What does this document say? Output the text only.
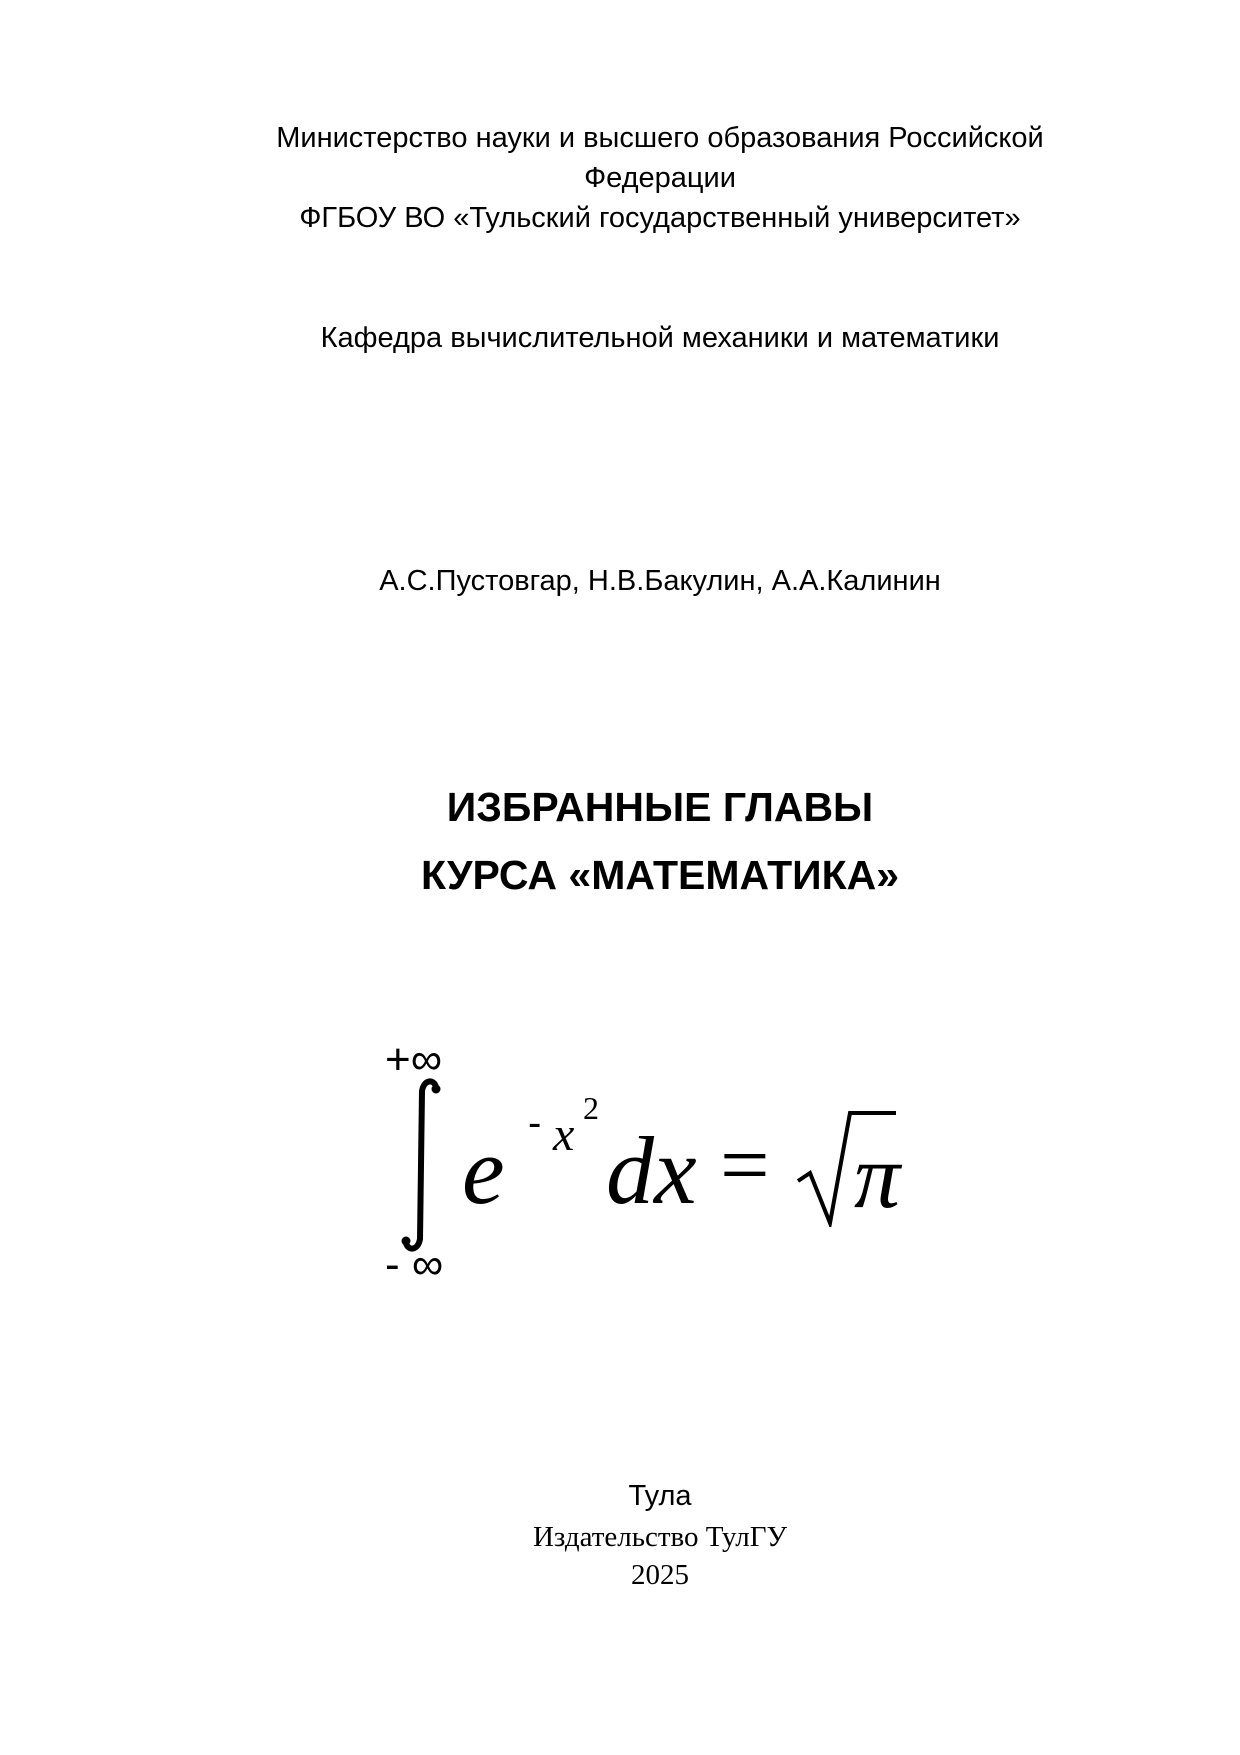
Министерство науки и высшего образования Российской
Федерации
ФГБОУ ВО «Тульский государственный университет»
Кафедра вычислительной механики и математики
А.С.Пустовгар, Н.В.Бакулин, А.А.Калинин
ИЗБРАННЫЕ ГЛАВЫ
КУРСА «МАТЕМАТИКА»
+∞
- ∞
e - x 2
dx = π
Тула
Издательство ТулГУ
2025
